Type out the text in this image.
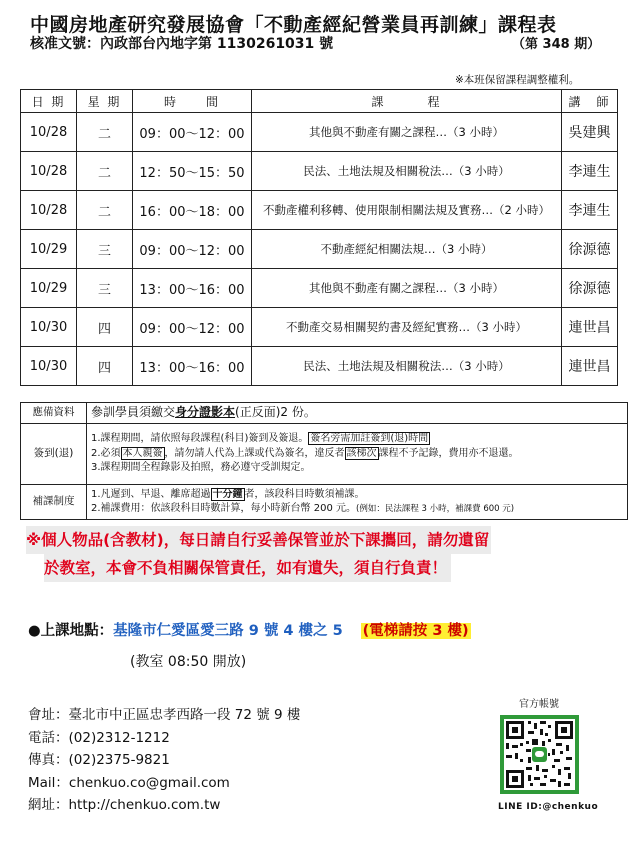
中國房地產研究發展協會「不動產經紀營業員再訓練」課程表
核准文號：內政部台內地字第 1130261031 號	（第 348 期）
※本班保留課程調整權利。
日 期	星 期	時　　間	課　　　程	講　師
10/28	二	09：00～12：00	其他與不動產有關之課程…（3 小時）	吳建興
10/28	二	12：50～15：50	民法、土地法規及相關稅法…（3 小時）	李連生
10/28	二	16：00～18：00	不動產權利移轉、使用限制相關法規及實務…（2 小時）	李連生
10/29	三	09：00～12：00	不動產經紀相關法規…（3 小時）	徐源德
10/29	三	13：00～16：00	其他與不動產有關之課程…（3 小時）	徐源德
10/30	四	09：00～12：00	不動產交易相關契約書及經紀實務…（3 小時）	連世昌
10/30	四	13：00～16：00	民法、土地法規及相關稅法…（3 小時）	連世昌
應備資料	參訓學員須繳交身分證影本(正反面)2 份。
簽到(退)	1.課程期間，請依照每段課程(科目)簽到及簽退。 簽名旁需加註簽到(退)時間
2.必須 本人親簽 ，請勿請人代為上課或代為簽名，違反者 該梯次 課程不予記錄，費用亦不退還。
3.課程期間全程錄影及拍照，務必遵守受訓規定。

補課制度	1.凡遲到、早退、離席超過 十分鐘 者，該段科目時數須補課。
2.補課費用：依該段科目時數計算，每小時新台幣 200 元。(例如：民法課程 3 小時，補課費 600 元)
※個人物品(含教材)，每日請自行妥善保管並於下課攜回，請勿遺留
於教室，本會不負相關保管責任，如有遺失，須自行負責！
●上課地點：基隆市仁愛區愛三路 9 號 4 樓之 5 (電梯請按 3 樓)
(教室 08:50 開放)
會址：臺北市中正區忠孝西路一段 72 號 9 樓
電話：(02)2312-1212
傳真：(02)2375-9821
Mail：chenkuo.co@gmail.com
網址：http://chenkuo.com.tw
官方帳號
LINE ID:@chenkuo
